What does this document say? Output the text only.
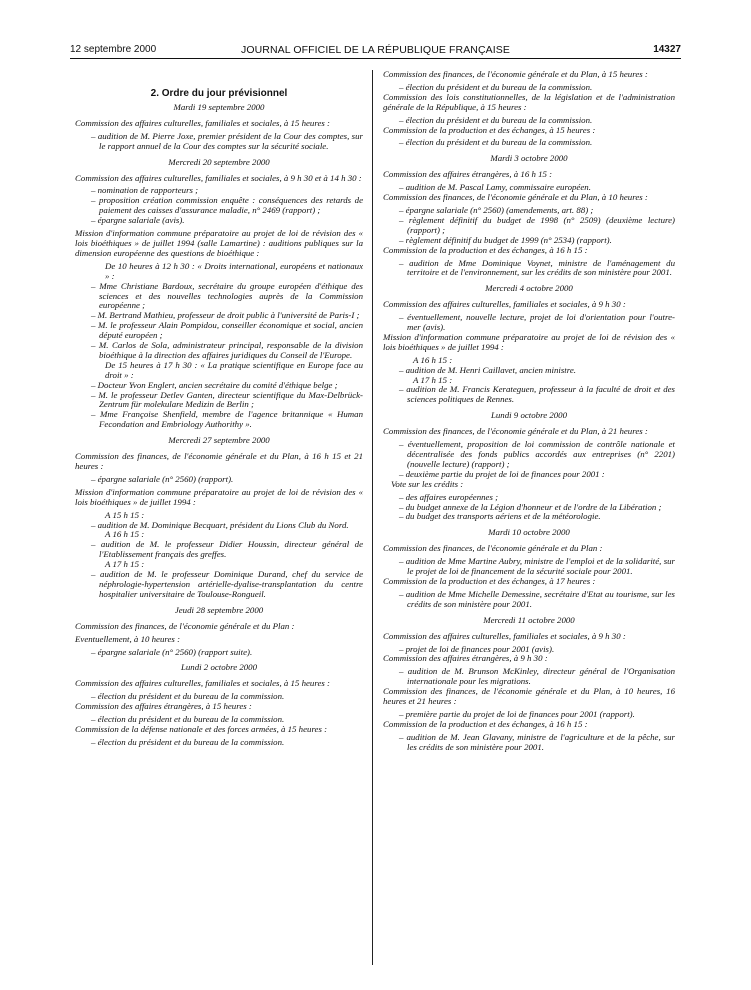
12 septembre 2000	JOURNAL OFFICIEL DE LA RÉPUBLIQUE FRANÇAISE	14327
2. Ordre du jour prévisionnel
Mardi 19 septembre 2000

Commission des affaires culturelles, familiales et sociales, à 15 heures :

– audition de M. Pierre Joxe, premier président de la Cour des comptes, sur le rapport annuel de la Cour des comptes sur la sécurité sociale.
Mercredi 20 septembre 2000

Commission des affaires culturelles, familiales et sociales, à 9 h 30 et à 14 h 30 :

– nomination de rapporteurs ;
– proposition création commission enquête : conséquences des retards de paiement des caisses d'assurance maladie, n° 2469 (rapport) ;
– épargne salariale (avis).

Mission d'information commune préparatoire au projet de loi de révision des « lois bioéthiques » de juillet 1994 (salle Lamartine) : auditions publiques sur la dimension européenne des questions de bioéthique :

De 10 heures à 12 h 30 : « Droits international, européens et nationaux » :
– Mme Christiane Bardoux, secrétaire du groupe européen d'éthique des sciences et des nouvelles technologies auprès de la Commission européenne ;
– M. Bertrand Mathieu, professeur de droit public à l'université de Paris-I ;
– M. le professeur Alain Pompidou, conseiller économique et social, ancien député européen ;
– M. Carlos de Sola, administrateur principal, responsable de la division bioéthique à la direction des affaires juridiques du Conseil de l'Europe.
De 15 heures à 17 h 30 : « La pratique scientifique en Europe face au droit » :
– Docteur Yvon Englert, ancien secrétaire du comité d'éthique belge ;
– M. le professeur Detlev Ganten, directeur scientifique du Max-Delbrück-Zentrum für molekulare Medizin de Berlin ;
– Mme Françoise Shenfield, membre de l'agence britannique « Human Fecondation and Embriology Authorithy ».
Mercredi 27 septembre 2000

Commission des finances, de l'économie générale et du Plan, à 16 h 15 et 21 heures :

– épargne salariale (n° 2560) (rapport).

Mission d'information commune préparatoire au projet de loi de révision des « lois bioéthiques » de juillet 1994 :

A 15 h 15 :
– audition de M. Dominique Becquart, président du Lions Club du Nord.
A 16 h 15 :
– audition de M. le professeur Didier Houssin, directeur général de l'Etablissement français des greffes.
A 17 h 15 :
– audition de M. le professeur Dominique Durand, chef du service de néphrologie-hypertension artérielle-dyalise-transplantation du centre hospitalier universitaire de Toulouse-Rongueil.
Jeudi 28 septembre 2000

Commission des finances, de l'économie générale et du Plan :

Eventuellement, à 10 heures :

– épargne salariale (n° 2560) (rapport suite).
Lundi 2 octobre 2000

Commission des affaires culturelles, familiales et sociales, à 15 heures :

– élection du président et du bureau de la commission.

Commission des affaires étrangères, à 15 heures :

– élection du président et du bureau de la commission.

Commission de la défense nationale et des forces armées, à 15 heures :

– élection du président et du bureau de la commission.

Commission des finances, de l'économie générale et du Plan, à 15 heures :

– élection du président et du bureau de la commission.

Commission des lois constitutionnelles, de la législation et de l'administration générale de la République, à 15 heures :

– élection du président et du bureau de la commission.

Commission de la production et des échanges, à 15 heures :

– élection du président et du bureau de la commission.
Mardi 3 octobre 2000

Commission des affaires étrangères, à 16 h 15 :

– audition de M. Pascal Lamy, commissaire européen.

Commission des finances, de l'économie générale et du Plan, à 10 heures :

– épargne salariale (n° 2560) (amendements, art. 88) ;
– règlement définitif du budget de 1998 (n° 2509) (deuxième lecture) (rapport) ;
– règlement définitif du budget de 1999 (n° 2534) (rapport).

Commission de la production et des échanges, à 16 h 15 :

– audition de Mme Dominique Voynet, ministre de l'aménagement du territoire et de l'environnement, sur les crédits de son ministère pour 2001.
Mercredi 4 octobre 2000

Commission des affaires culturelles, familiales et sociales, à 9 h 30 :

– éventuellement, nouvelle lecture, projet de loi d'orientation pour l'outre-mer (avis).

Mission d'information commune préparatoire au projet de loi de révision des « lois bioéthiques » de juillet 1994 :

A 16 h 15 :
– audition de M. Henri Caillavet, ancien ministre.
A 17 h 15 :
– audition de M. Francis Kerateguen, professeur à la faculté de droit et des sciences politiques de Rennes.
Lundi 9 octobre 2000

Commission des finances, de l'économie générale et du Plan, à 21 heures :

– éventuellement, proposition de loi commission de contrôle nationale et décentralisée des fonds publics accordés aux entreprises (n° 2201) (nouvelle lecture) (rapport) ;
– deuxième partie du projet de loi de finances pour 2001 :

Vote sur les crédits :

– des affaires européennes ;
– du budget annexe de la Légion d'honneur et de l'ordre de la Libération ;
– du budget des transports aériens et de la météorologie.
Mardi 10 octobre 2000

Commission des finances, de l'économie générale et du Plan :

– audition de Mme Martine Aubry, ministre de l'emploi et de la solidarité, sur le projet de loi de financement de la sécurité sociale pour 2001.

Commission de la production et des échanges, à 17 heures :

– audition de Mme Michelle Demessine, secrétaire d'Etat au tourisme, sur les crédits de son ministère pour 2001.
Mercredi 11 octobre 2000

Commission des affaires culturelles, familiales et sociales, à 9 h 30 :

– projet de loi de finances pour 2001 (avis).

Commission des affaires étrangères, à 9 h 30 :

– audition de M. Brunson McKinley, directeur général de l'Organisation internationale pour les migrations.

Commission des finances, de l'économie générale et du Plan, à 10 heures, 16 heures et 21 heures :

– première partie du projet de loi de finances pour 2001 (rapport).

Commission de la production et des échanges, à 16 h 15 :

– audition de M. Jean Glavany, ministre de l'agriculture et de la pêche, sur les crédits de son ministère pour 2001.
